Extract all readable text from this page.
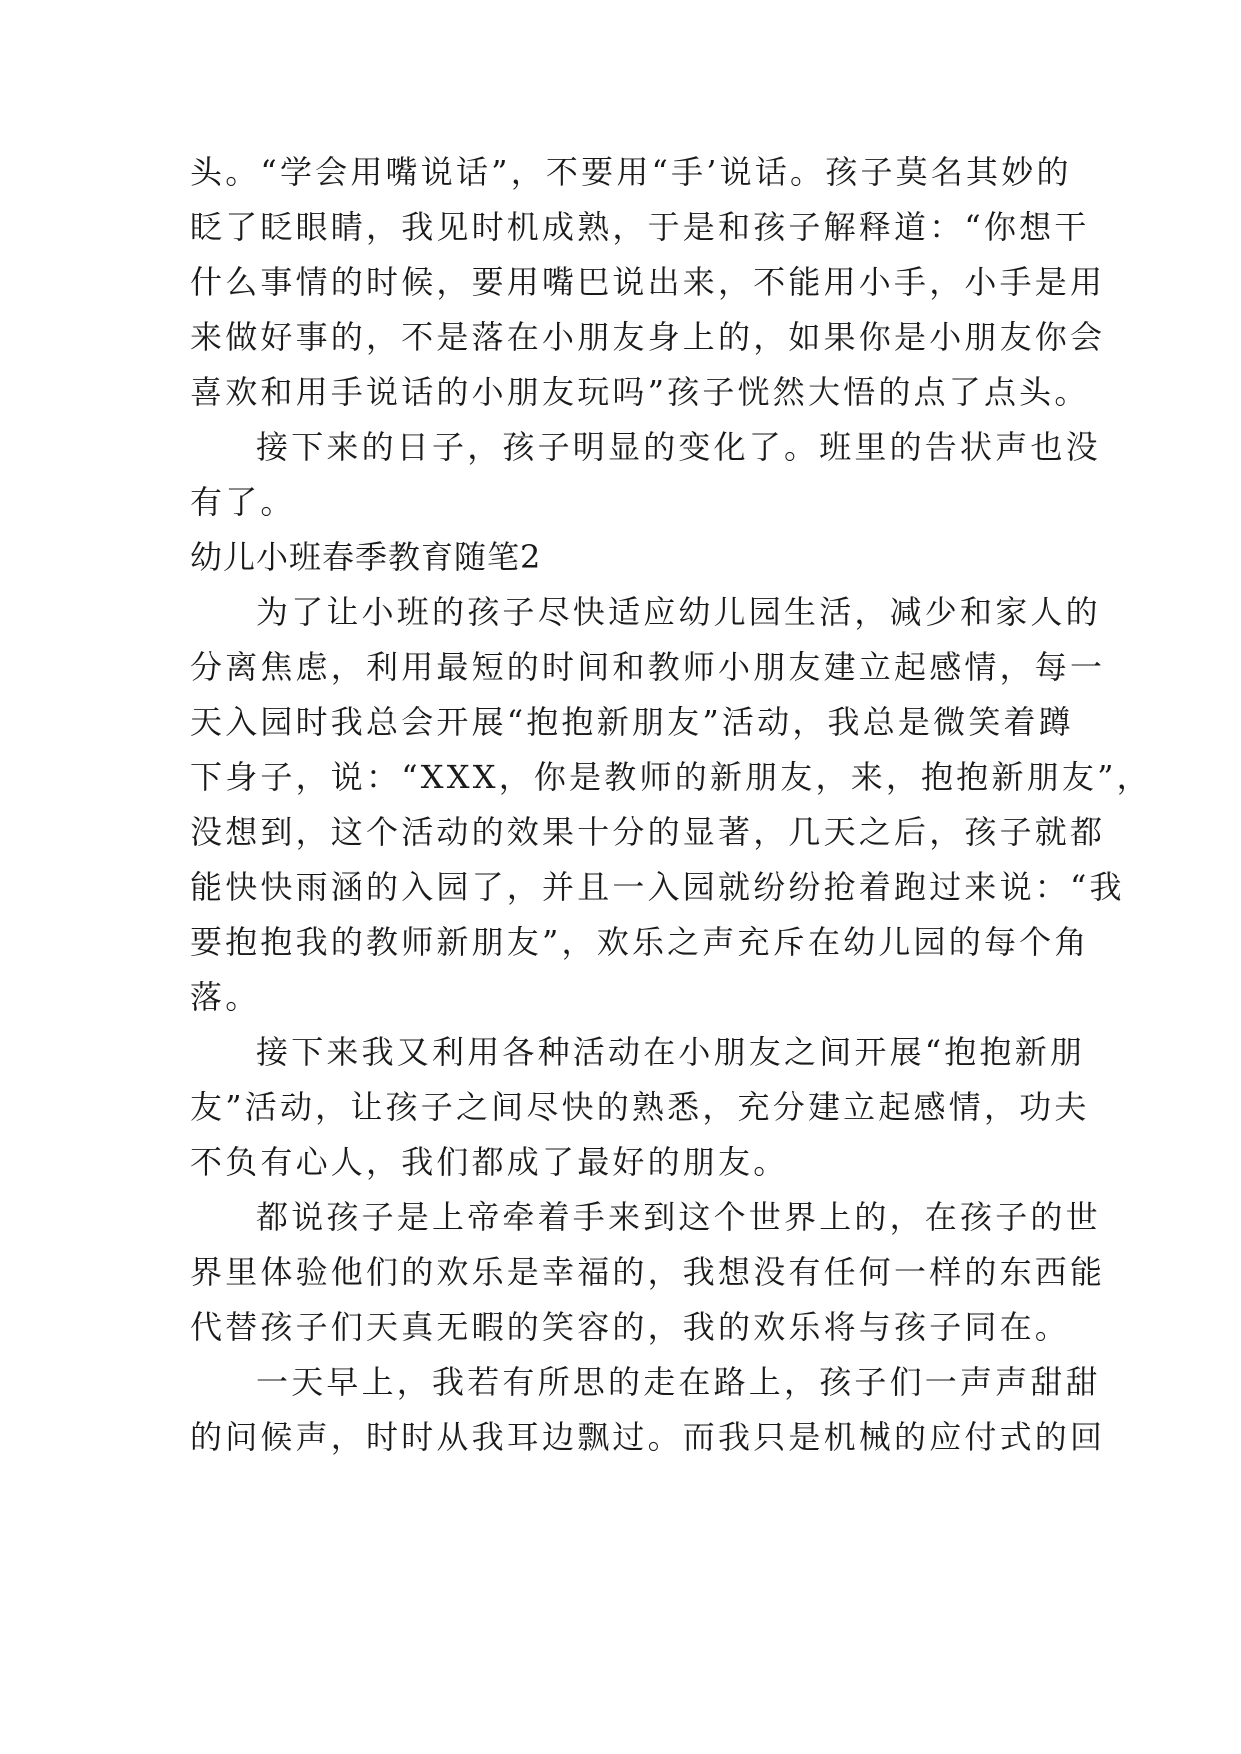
头。“学会用嘴说话”，不要用“手’说话。孩子莫名其妙的
眨了眨眼睛，我见时机成熟，于是和孩子解释道：“你想干
什么事情的时候，要用嘴巴说出来，不能用小手，小手是用
来做好事的，不是落在小朋友身上的，如果你是小朋友你会
喜欢和用手说话的小朋友玩吗”孩子恍然大悟的点了点头。
接下来的日子，孩子明显的变化了。班里的告状声也没
有了。
幼儿小班春季教育随笔2
为了让小班的孩子尽快适应幼儿园生活，减少和家人的
分离焦虑，利用最短的时间和教师小朋友建立起感情，每一
天入园时我总会开展“抱抱新朋友”活动，我总是微笑着蹲
下身子，说：“XXX，你是教师的新朋友，来，抱抱新朋友”，
没想到，这个活动的效果十分的显著，几天之后，孩子就都
能快快雨涵的入园了，并且一入园就纷纷抢着跑过来说：“我
要抱抱我的教师新朋友”，欢乐之声充斥在幼儿园的每个角
落。
接下来我又利用各种活动在小朋友之间开展“抱抱新朋
友”活动，让孩子之间尽快的熟悉，充分建立起感情，功夫
不负有心人，我们都成了最好的朋友。
都说孩子是上帝牵着手来到这个世界上的，在孩子的世
界里体验他们的欢乐是幸福的，我想没有任何一样的东西能
代替孩子们天真无暇的笑容的，我的欢乐将与孩子同在。
一天早上，我若有所思的走在路上，孩子们一声声甜甜
的问候声，时时从我耳边飘过。而我只是机械的应付式的回
